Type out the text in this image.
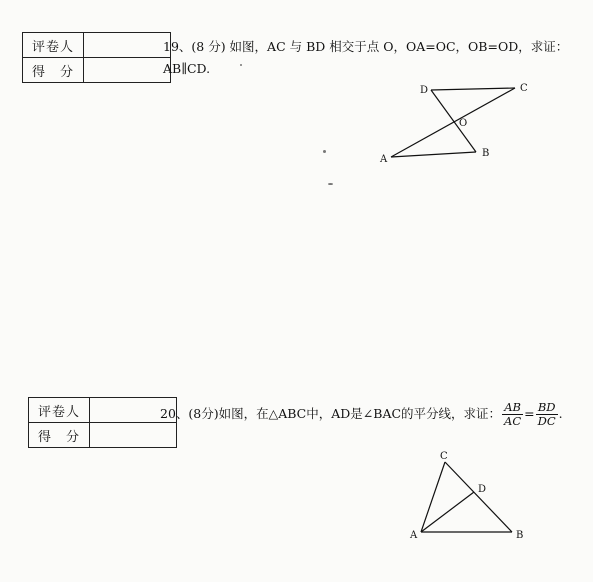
评卷人	
得　分	
19、(8 分) 如图，AC 与 BD 相交于点 O，OA=OC，OB=OD，求证：
AB∥CD.
D	C
O
A
B
评卷人	
得　分	
20、(8分)如图，在△ABC中，AD是∠BAC的平分线，求证： $\frac{AB}{AC} = \frac{BD}{DC}$ .
C
D
A	B
